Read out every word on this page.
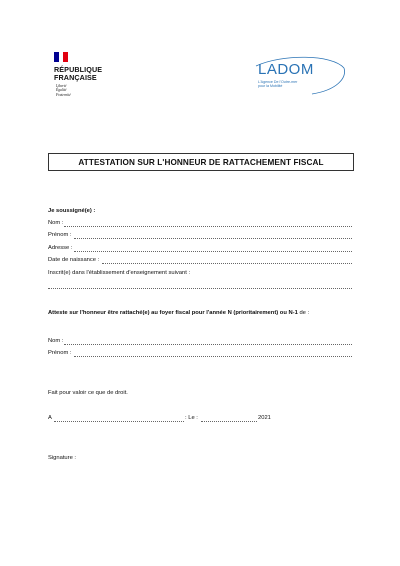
RÉPUBLIQUE
FRANÇAISE
Liberté
Égalité
Fraternité
LADOM
L'Agence De l'Outre-mer
pour la Mobilité
ATTESTATION SUR L'HONNEUR DE RATTACHEMENT FISCAL
Je soussigné(e) :
Nom :
Prénom :
Adresse :
Date de naissance :
Inscrit(e) dans l'établissement d'enseignement suivant :
Atteste sur l'honneur être rattaché(e) au foyer fiscal pour l'année N (prioritairement) ou N-1 de :
Nom :
Prénom :
Fait pour valoir ce que de droit.
A	: Le :	2021
Signature :
